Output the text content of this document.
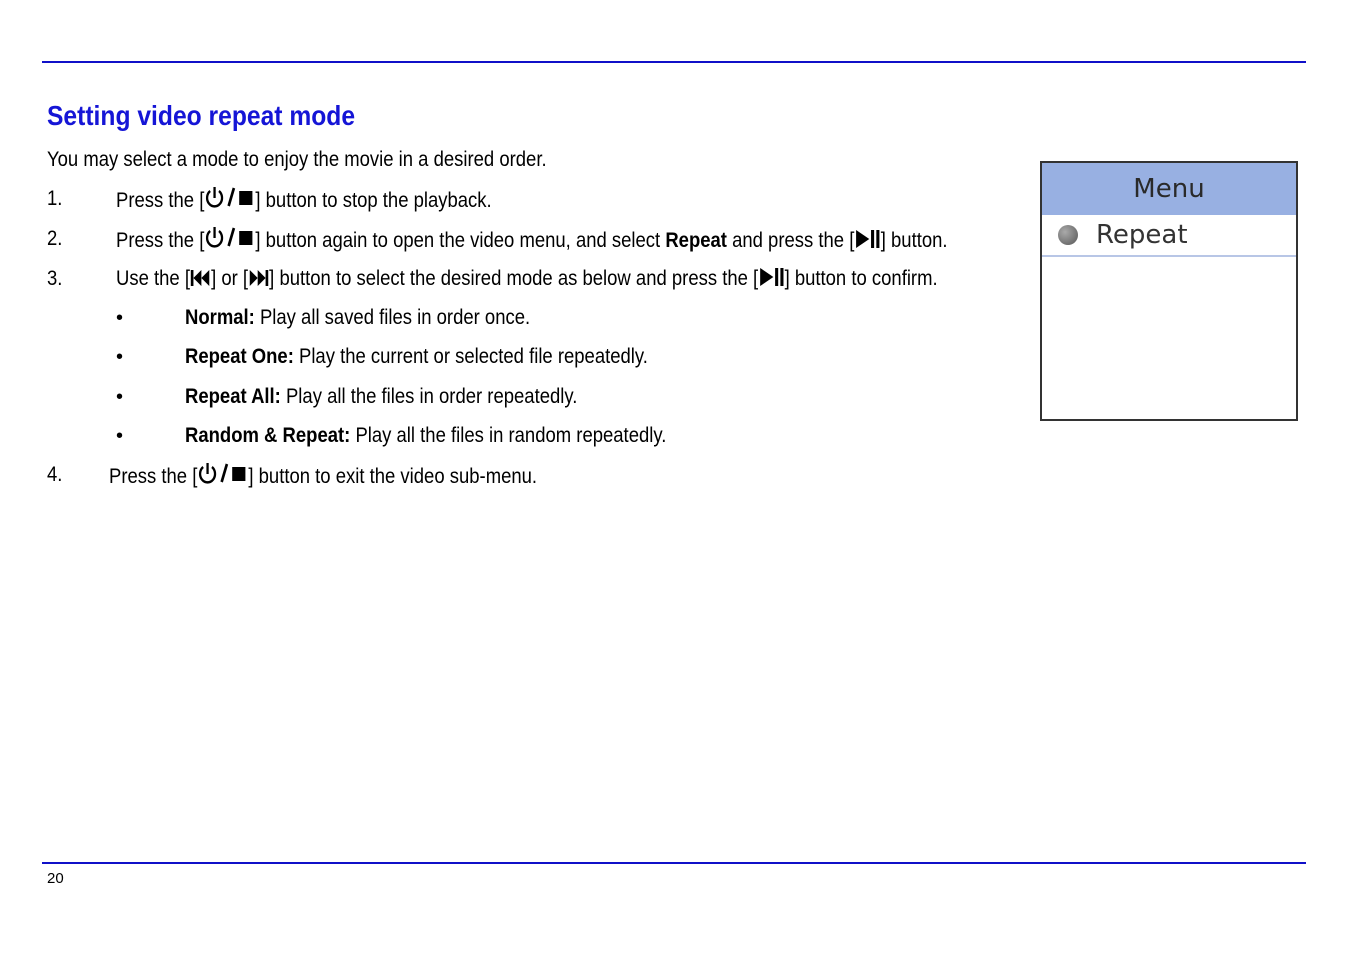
Setting video repeat mode
You may select a mode to enjoy the movie in a desired order.
1.	Press the [ ] button to stop the playback.
2.	Press the [ ] button again to open the video menu, and select Repeat and press the [ ] button.
3.	Use the [ ] or [ ] button to select the desired mode as below and press the [ ] button to confirm.
•	Normal: Play all saved files in order once.
•	Repeat One: Play the current or selected file repeatedly.
•	Repeat All: Play all the files in order repeatedly.
•	Random & Repeat: Play all the files in random repeatedly.
4. Press the [ ] button to exit the video sub-menu.
Menu
Repeat
20
